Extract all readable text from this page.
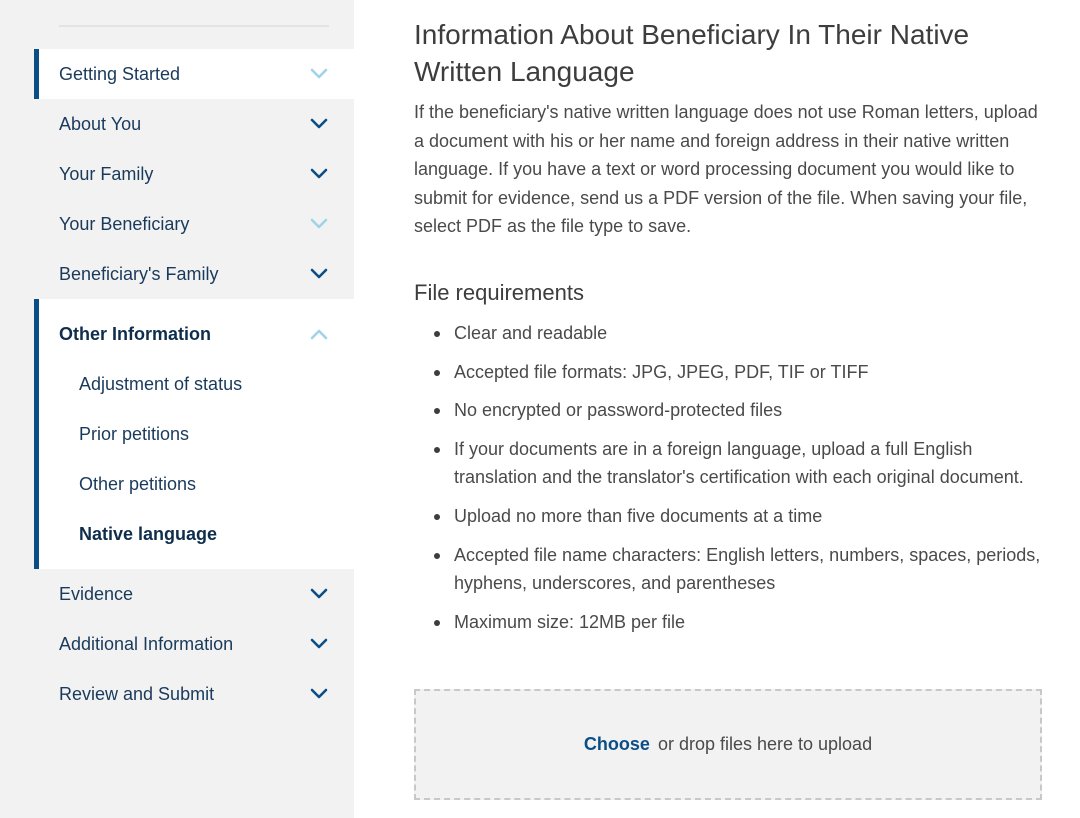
Getting Started
About You
Your Family
Your Beneficiary
Beneficiary's Family
Other Information
Adjustment of status
Prior petitions
Other petitions
Native language
Evidence
Additional Information
Review and Submit
Information About Beneficiary In Their Native Written Language

If the beneficiary's native written language does not use Roman letters, upload a document with his or her name and foreign address in their native written language. If you have a text or word processing document you would like to submit for evidence, send us a PDF version of the file. When saving your file, select PDF as the file type to save.

File requirements
Clear and readable
Accepted file formats: JPG, JPEG, PDF, TIF or TIFF
No encrypted or password-protected files
If your documents are in a foreign language, upload a full English translation and the translator's certification with each original document.
Upload no more than five documents at a time
Accepted file name characters: English letters, numbers, spaces, periods, hyphens, underscores, and parentheses
Maximum size: 12MB per file
Choose or drop files here to upload
